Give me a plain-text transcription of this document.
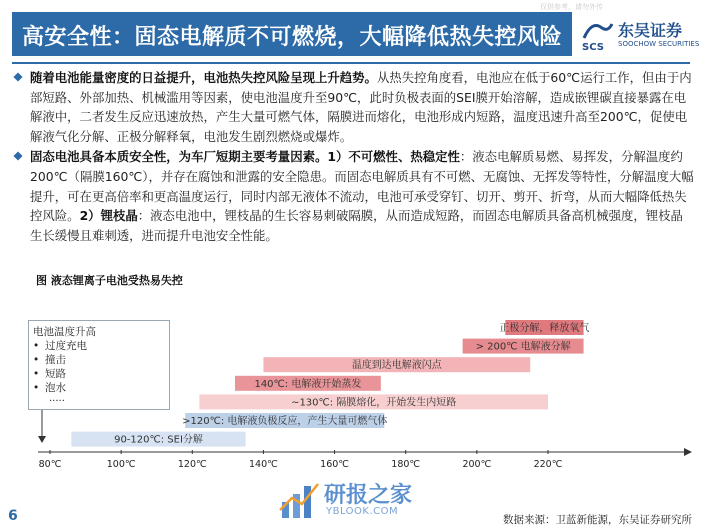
仅供参考，请勿外传
高安全性：固态电解质不可燃烧，大幅降低热失控风险 SCS
东吴证券
SOOCHOW SECURITIES
随着电池能量密度的日益提升，电池热失控风险呈现上升趋势。从热失控角度看，电池应在低于60℃运行工作，但由于内部短路、外部加热、机械滥用等因素，使电池温度升至90℃，此时负极表面的SEI膜开始溶解，造成嵌锂碳直接暴露在电解液中，二者发生反应迅速放热，产生大量可燃气体，隔膜进而熔化，电池形成内短路，温度迅速升高至200℃，促使电解液气化分解、正极分解释氧，电池发生剧烈燃烧或爆炸。
固态电池具备本质安全性，为车厂短期主要考量因素。1）不可燃性、热稳定性：液态电解质易燃、易挥发，分解温度约200℃（隔膜160℃），并存在腐蚀和泄露的安全隐患。而固态电解质具有不可燃、无腐蚀、无挥发等特性，分解温度大幅提升，可在更高倍率和更高温度运行，同时内部无液体不流动，电池可承受穿钉、切开、剪开、折弯，从而大幅降低热失控风险。2）锂枝晶：液态电池中，锂枝晶的生长容易刺破隔膜，从而造成短路，而固态电解质具备高机械强度，锂枝晶生长缓慢且难刺透，进而提升电池安全性能。
图 液态锂离子电池受热易失控
80℃	100℃	120℃	140℃	160℃	180℃	200℃	220℃
正极分解，释放氧气
> 200℃ 电解液分解
温度到达电解液闪点
140℃: 电解液开始蒸发
~130℃: 隔膜熔化，开始发生内短路
>120℃: 电解液负极反应，产生大量可燃气体
90-120℃: SEI分解
电池温度升高
• 过度充电
• 撞击
• 短路
• 泡水
.....
研报之家
YBLOOK.COM
6	数据来源：卫蓝新能源，东吴证券研究所
